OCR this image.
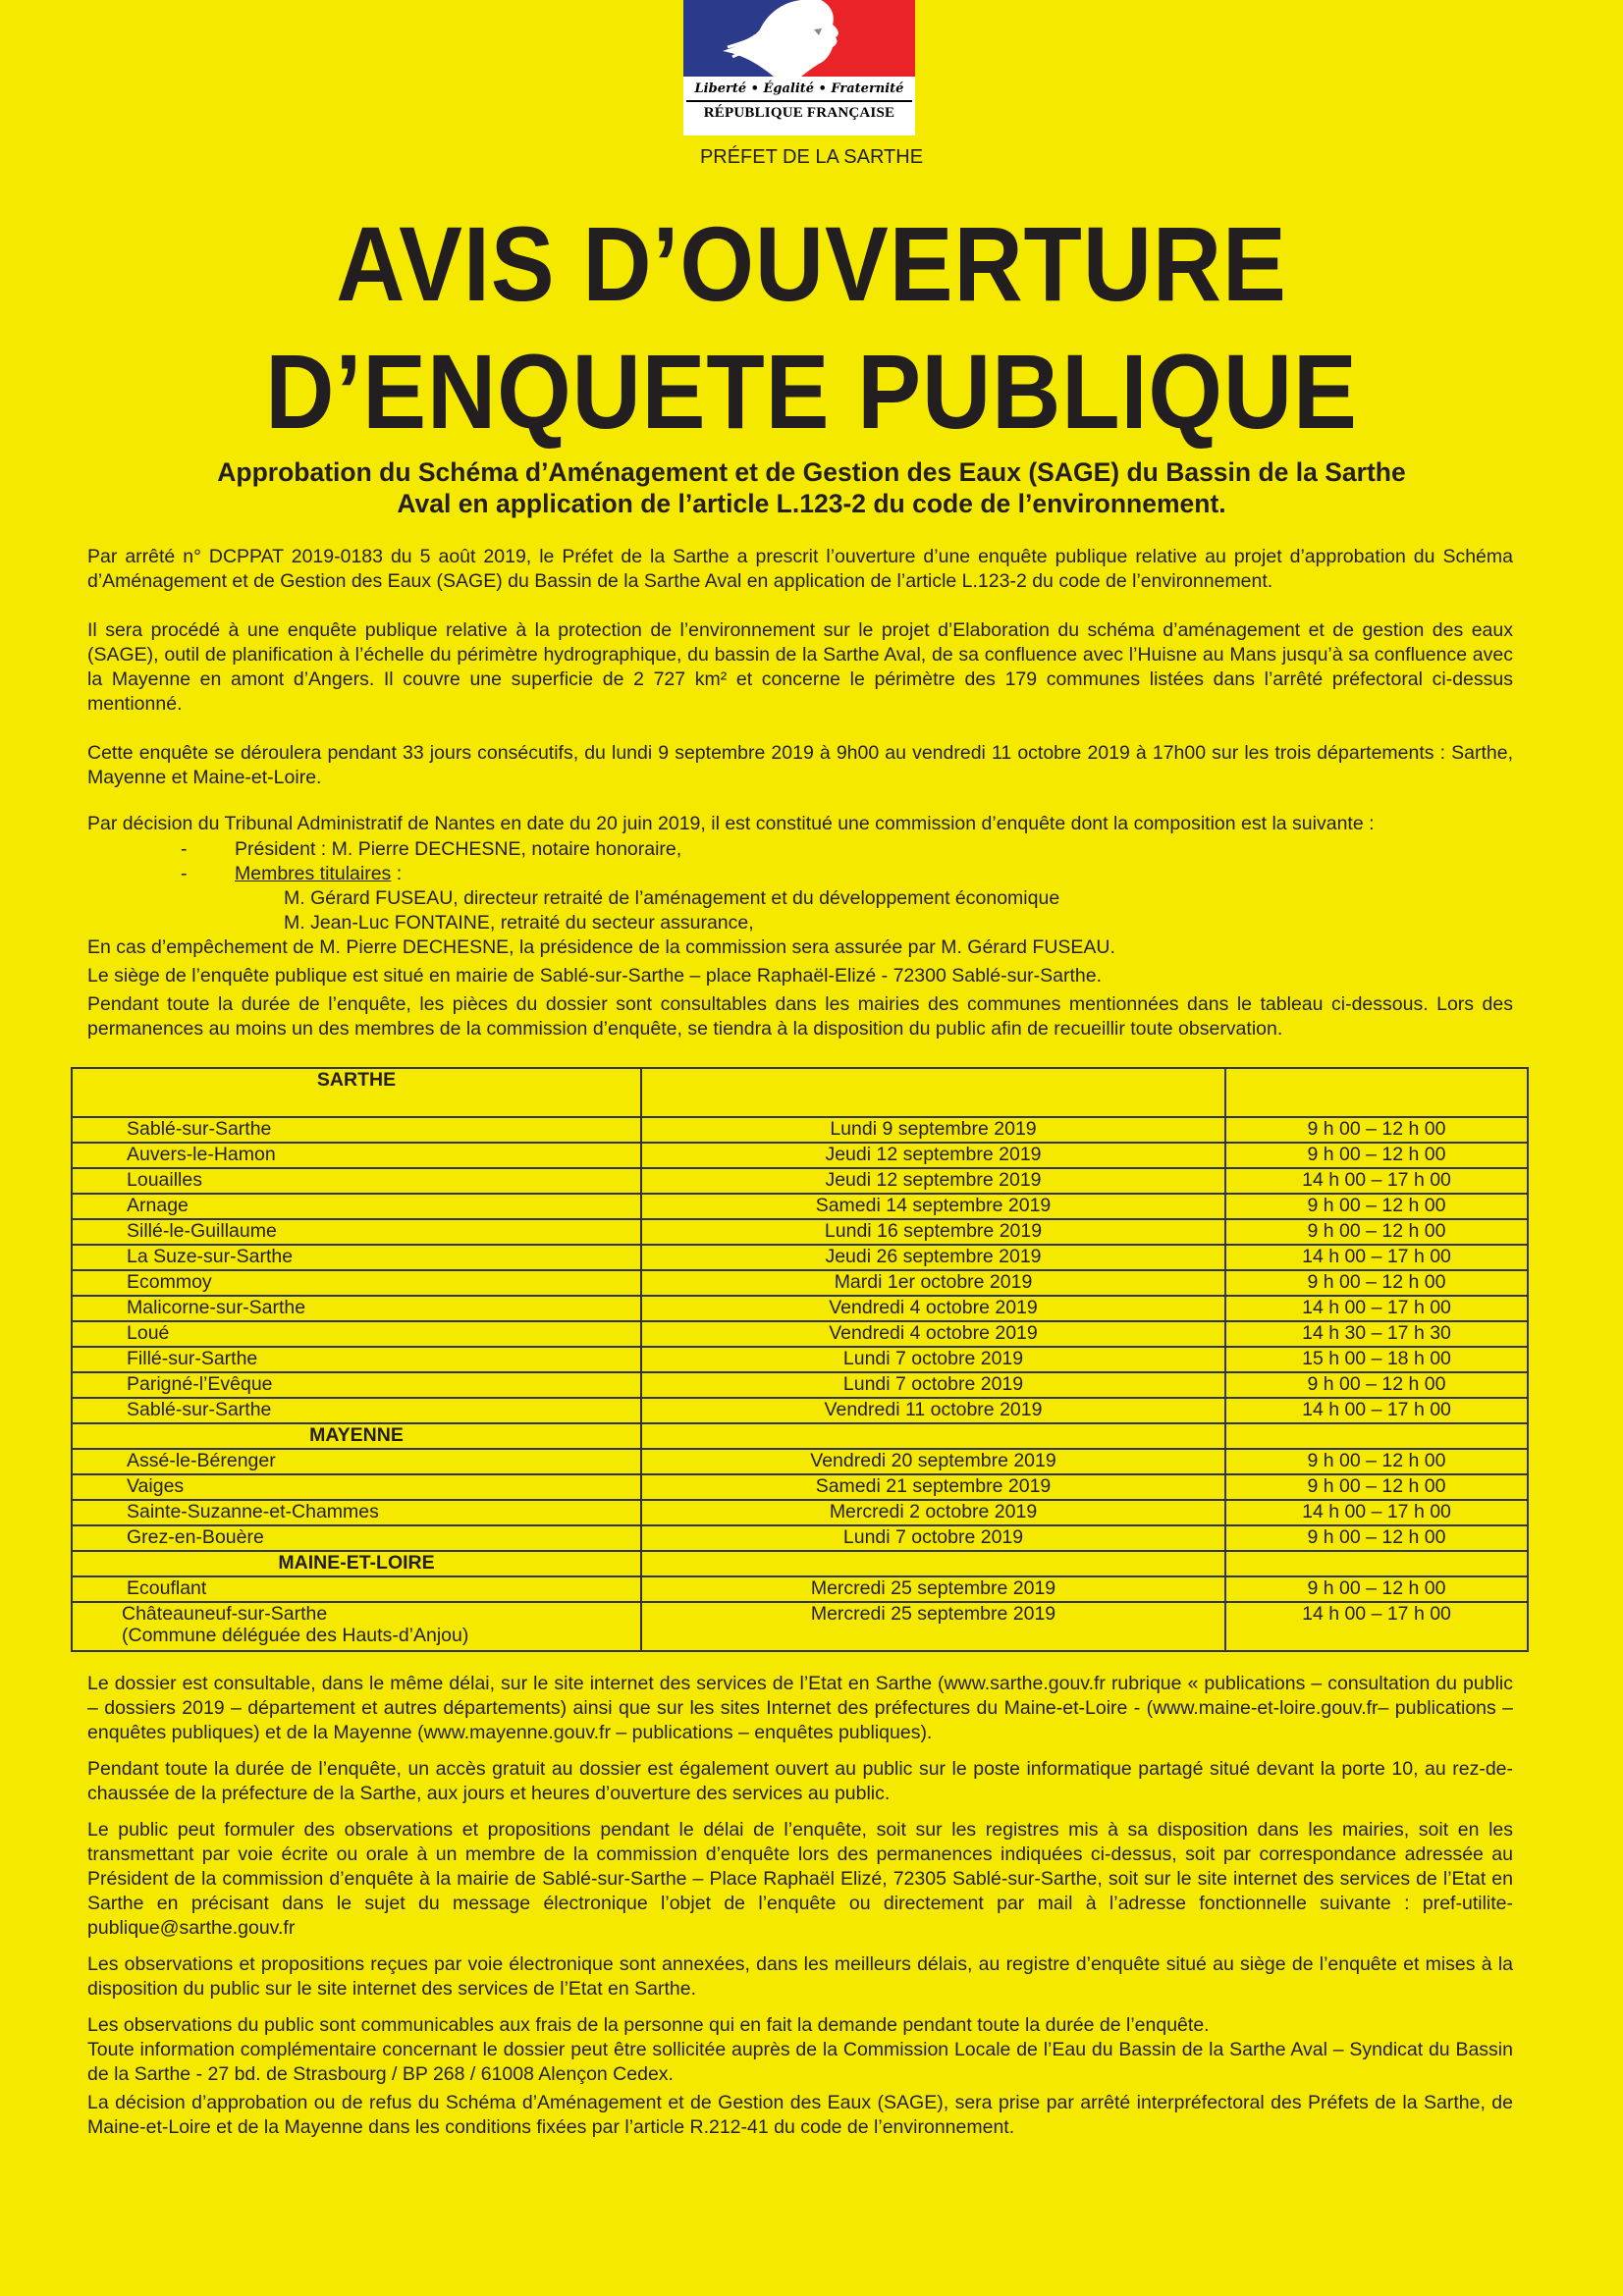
Liberté • Égalité • Fraternité
RÉPUBLIQUE FRANÇAISE
PRÉFET DE LA SARTHE
AVIS D’OUVERTURE
D’ENQUETE PUBLIQUE
Approbation du Schéma d’Aménagement et de Gestion des Eaux (SAGE) du Bassin de la Sarthe
Aval en application de l’article L.123-2 du code de l’environnement.

Par arrêté n° DCPPAT 2019-0183 du 5 août 2019, le Préfet de la Sarthe a prescrit l’ouverture d’une enquête publique relative au projet d’approbation du Schéma d’Aménagement et de Gestion des Eaux (SAGE) du Bassin de la Sarthe Aval en application de l’article L.123-2 du code de l’environnement.

Il sera procédé à une enquête publique relative à la protection de l’environnement sur le projet d’Elaboration du schéma d’aménagement et de gestion des eaux (SAGE), outil de planification à l’échelle du périmètre hydrographique, du bassin de la Sarthe Aval, de sa confluence avec l’Huisne au Mans jusqu’à sa confluence avec la Mayenne en amont d’Angers. Il couvre une superficie de 2 727 km² et concerne le périmètre des 179 communes listées dans l’arrêté préfectoral ci-dessus mentionné.

Cette enquête se déroulera pendant 33 jours consécutifs, du lundi 9 septembre 2019 à 9h00 au vendredi 11 octobre 2019 à 17h00 sur les trois départements : Sarthe, Mayenne et Maine-et-Loire.

Par décision du Tribunal Administratif de Nantes en date du 20 juin 2019, il est constitué une commission d’enquête dont la composition est la suivante :

- Président : M. Pierre DECHESNE, notaire honoraire,
- Membres titulaires :

M. Gérard FUSEAU, directeur retraité de l’aménagement et du développement économique

M. Jean-Luc FONTAINE, retraité du secteur assurance,

En cas d’empêchement de M. Pierre DECHESNE, la présidence de la commission sera assurée par M. Gérard FUSEAU.

Le siège de l’enquête publique est situé en mairie de Sablé-sur-Sarthe – place Raphaël-Elizé - 72300 Sablé-sur-Sarthe.

Pendant toute la durée de l’enquête, les pièces du dossier sont consultables dans les mairies des communes mentionnées dans le tableau ci-dessous. Lors des permanences au moins un des membres de la commission d’enquête, se tiendra à la disposition du public afin de recueillir toute observation.

SARTHE		
Sablé-sur-Sarthe	Lundi 9 septembre 2019	9 h 00 – 12 h 00
Auvers-le-Hamon	Jeudi 12 septembre 2019	9 h 00 – 12 h 00
Louailles	Jeudi 12 septembre 2019	14 h 00 – 17 h 00
Arnage	Samedi 14 septembre 2019	9 h 00 – 12 h 00
Sillé-le-Guillaume	Lundi 16 septembre 2019	9 h 00 – 12 h 00
La Suze-sur-Sarthe	Jeudi 26 septembre 2019	14 h 00 – 17 h 00
Ecommoy	Mardi 1er octobre 2019	9 h 00 – 12 h 00
Malicorne-sur-Sarthe	Vendredi 4 octobre 2019	14 h 00 – 17 h 00
Loué	Vendredi 4 octobre 2019	14 h 30 – 17 h 30
Fillé-sur-Sarthe	Lundi 7 octobre 2019	15 h 00 – 18 h 00
Parigné-l’Evêque	Lundi 7 octobre 2019	9 h 00 – 12 h 00
Sablé-sur-Sarthe	Vendredi 11 octobre 2019	14 h 00 – 17 h 00
MAYENNE		
Assé-le-Bérenger	Vendredi 20 septembre 2019	9 h 00 – 12 h 00
Vaiges	Samedi 21 septembre 2019	9 h 00 – 12 h 00
Sainte-Suzanne-et-Chammes	Mercredi 2 octobre 2019	14 h 00 – 17 h 00
Grez-en-Bouère	Lundi 7 octobre 2019	9 h 00 – 12 h 00
MAINE-ET-LOIRE		
Ecouflant	Mercredi 25 septembre 2019	9 h 00 – 12 h 00

Châteauneuf-sur-Sarthe
(Commune déléguée des Hauts-d’Anjou)	Mercredi 25 septembre 2019	14 h 00 – 17 h 00

Le dossier est consultable, dans le même délai, sur le site internet des services de l’Etat en Sarthe (www.sarthe.gouv.fr rubrique « publications – consultation du public – dossiers 2019 – département et autres départements) ainsi que sur les sites Internet des préfectures du Maine-et-Loire - (www.maine-et-loire.gouv.fr– publications – enquêtes publiques) et de la Mayenne (www.mayenne.gouv.fr – publications – enquêtes publiques).

Pendant toute la durée de l’enquête, un accès gratuit au dossier est également ouvert au public sur le poste informatique partagé situé devant la porte 10, au rez-de-chaussée de la préfecture de la Sarthe, aux jours et heures d’ouverture des services au public.

Le public peut formuler des observations et propositions pendant le délai de l’enquête, soit sur les registres mis à sa disposition dans les mairies, soit en les transmettant par voie écrite ou orale à un membre de la commission d’enquête lors des permanences indiquées ci-dessus, soit par correspondance adressée au Président de la commission d’enquête à la mairie de Sablé-sur-Sarthe – Place Raphaël Elizé, 72305 Sablé-sur-Sarthe, soit sur le site internet des services de l’Etat en Sarthe en précisant dans le sujet du message électronique l’objet de l’enquête ou directement par mail à l’adresse fonctionnelle suivante : pref-utilite-publique@sarthe.gouv.fr

Les observations et propositions reçues par voie électronique sont annexées, dans les meilleurs délais, au registre d’enquête situé au siège de l’enquête et mises à la disposition du public sur le site internet des services de l’Etat en Sarthe.

Les observations du public sont communicables aux frais de la personne qui en fait la demande pendant toute la durée de l’enquête.

Toute information complémentaire concernant le dossier peut être sollicitée auprès de la Commission Locale de l’Eau du Bassin de la Sarthe Aval – Syndicat du Bassin de la Sarthe - 27 bd. de Strasbourg / BP 268 / 61008 Alençon Cedex.

La décision d’approbation ou de refus du Schéma d’Aménagement et de Gestion des Eaux (SAGE), sera prise par arrêté interpréfectoral des Préfets de la Sarthe, de Maine-et-Loire et de la Mayenne dans les conditions fixées par l’article R.212-41 du code de l’environnement.
